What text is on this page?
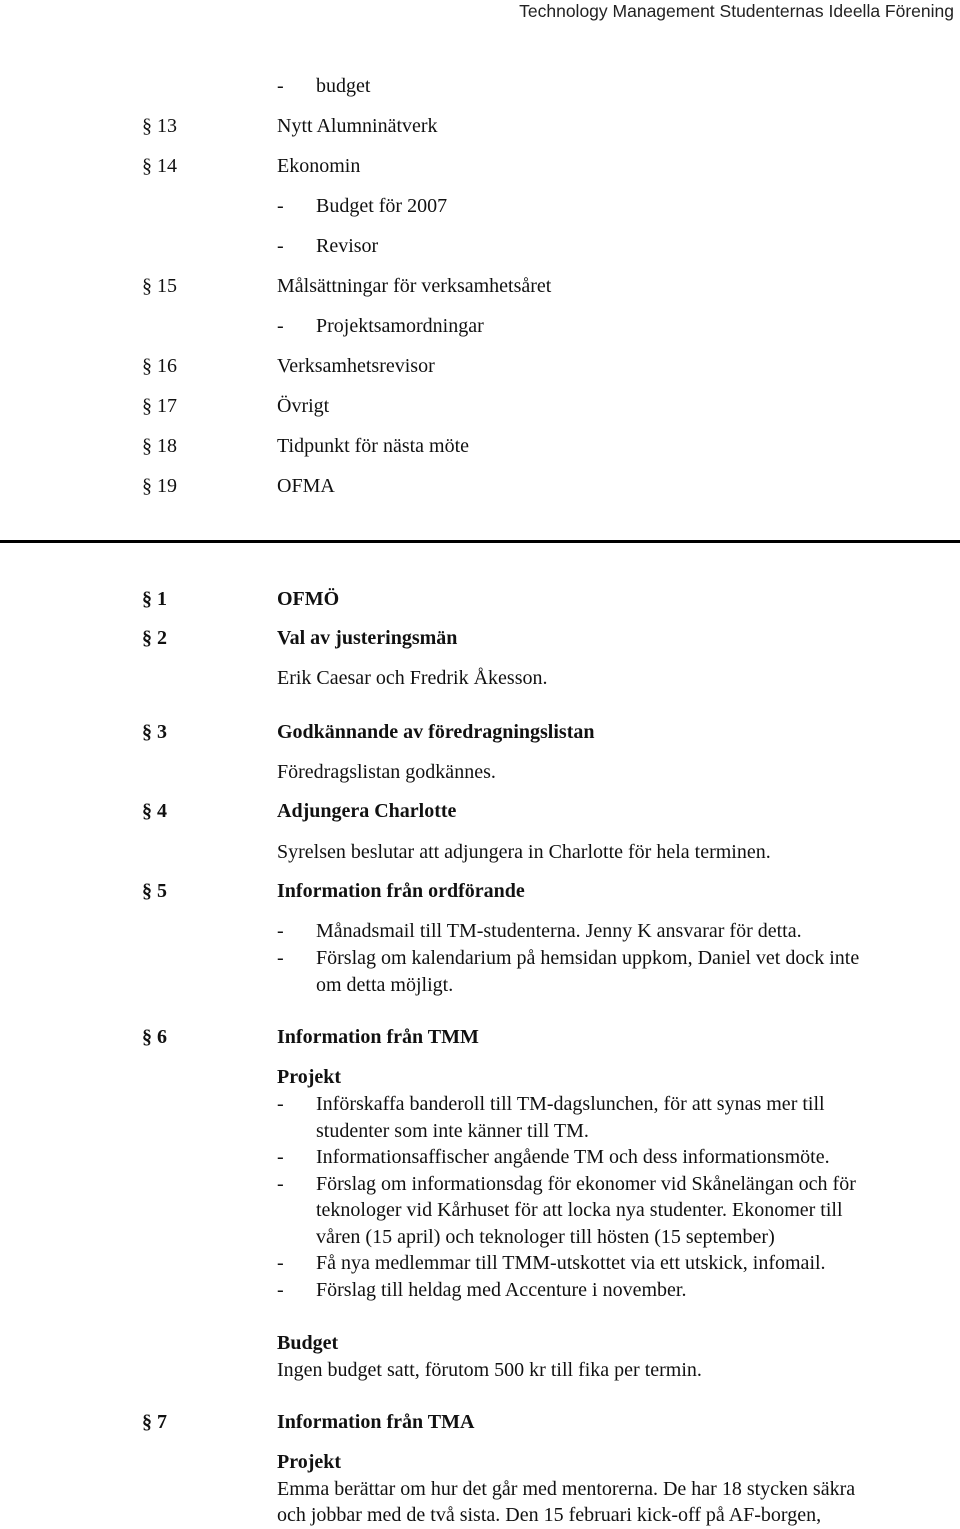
Technology Management Studenternas Ideella Förening
- budget
§ 13	Nytt Alumninätverk
§ 14	Ekonomin
- Budget för 2007
- Revisor
§ 15	Målsättningar för verksamhetsåret
- Projektsamordningar
§ 16	Verksamhetsrevisor
§ 17	Övrigt
§ 18	Tidpunkt för nästa möte
§ 19	OFMA
§ 1	OFMÖ
§ 2	Val av justeringsmän
Erik Caesar och Fredrik Åkesson.
§ 3	Godkännande av föredragningslistan
Föredragslistan godkännes.
§ 4	Adjungera Charlotte
Syrelsen beslutar att adjungera in Charlotte för hela terminen.
§ 5	Information från ordförande
- Månadsmail till TM-studenterna. Jenny K ansvarar för detta.
- Förslag om kalendarium på hemsidan uppkom, Daniel vet dock inte
om detta möjligt.
§ 6	Information från TMM
Projekt
- Införskaffa banderoll till TM-dagslunchen, för att synas mer till
studenter som inte känner till TM.
- Informationsaffischer angående TM och dess informationsmöte.
- Förslag om informationsdag för ekonomer vid Skånelängan och för
teknologer vid Kårhuset för att locka nya studenter. Ekonomer till
våren (15 april) och teknologer till hösten (15 september)
- Få nya medlemmar till TMM-utskottet via ett utskick, infomail.
- Förslag till heldag med Accenture i november.
Budget
Ingen budget satt, förutom 500 kr till fika per termin.
§ 7	Information från TMA
Projekt
Emma berättar om hur det går med mentorerna. De har 18 stycken säkra
och jobbar med de två sista. Den 15 februari kick-off på AF-borgen,
